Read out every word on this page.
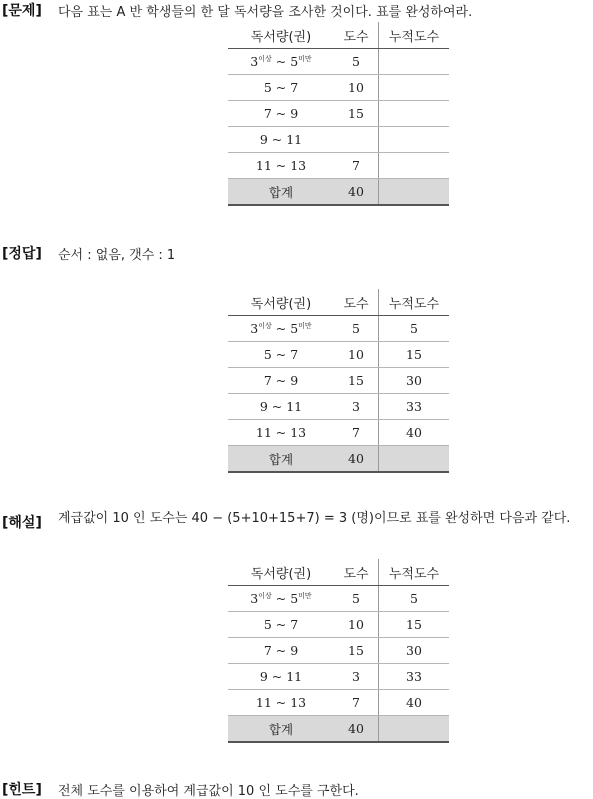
[문제] 다음 표는 A 반 학생들의 한 달 독서량을 조사한 것이다. 표를 완성하여라.
독서량(권)	도수	누적도수
$3^{이상}$ ~ $5^{미만}$	5	
5 ~ 7	10	
7 ~ 9	15	
9 ~ 11		
11 ~ 13	7	
합계	40	
[정답] 순서 : 없음, 갯수 : 1
독서량(권)	도수	누적도수
$3^{이상}$ ~ $5^{미만}$	5	5
5 ~ 7	10	15
7 ~ 9	15	30
9 ~ 11	3	33
11 ~ 13	7	40
합계	40	
[해설] 계급값이 10 인 도수는 40 − (5+10+15+7) = 3 (명)이므로 표를 완성하면 다음과 같다.
독서량(권)	도수	누적도수
$3^{이상}$ ~ $5^{미만}$	5	5
5 ~ 7	10	15
7 ~ 9	15	30
9 ~ 11	3	33
11 ~ 13	7	40
합계	40	
[힌트] 전체 도수를 이용하여 계급값이 10 인 도수를 구한다.
